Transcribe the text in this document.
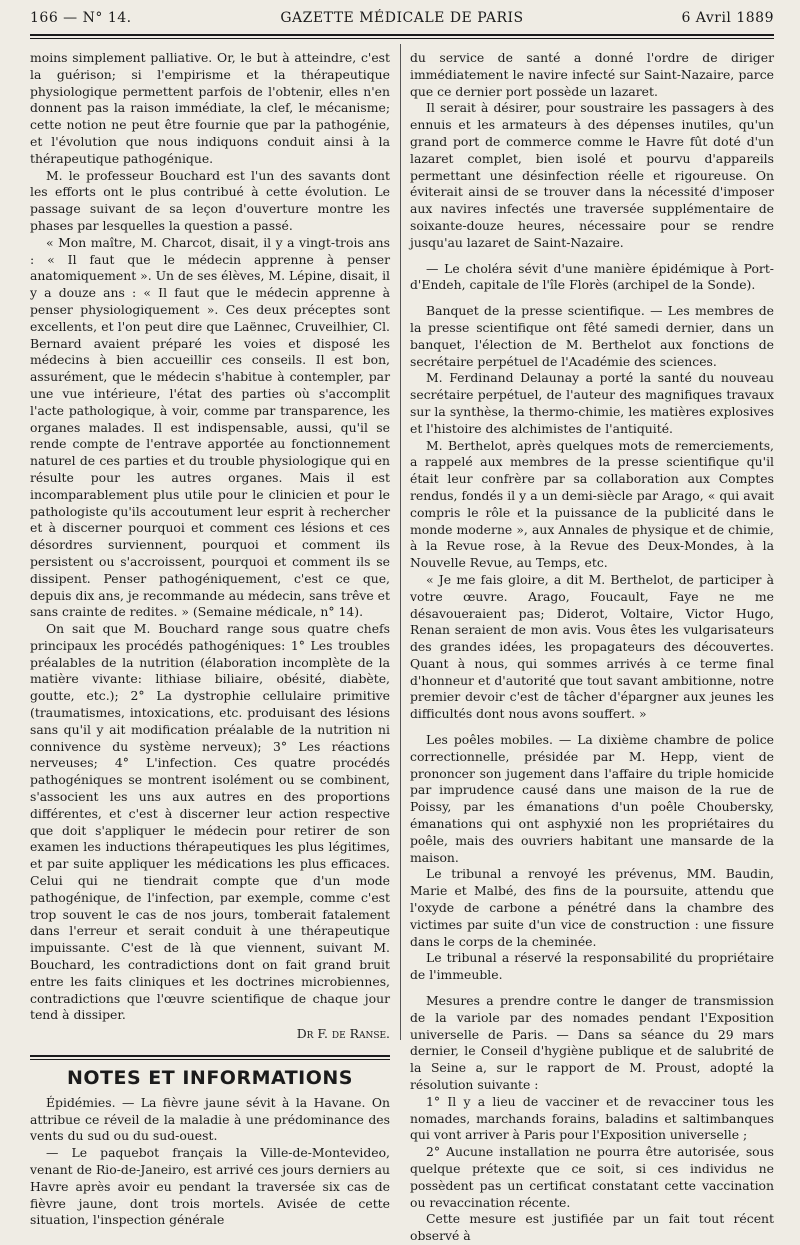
166 — N° 14.	GAZETTE MÉDICALE DE PARIS	6 Avril 1889

moins simplement palliative. Or, le but à atteindre, c'est la guérison; si l'empirisme et la thérapeutique physiologique permettent parfois de l'obtenir, elles n'en donnent pas la raison immédiate, la clef, le mécanisme; cette notion ne peut être fournie que par la pathogénie, et l'évolution que nous indiquons conduit ainsi à la thérapeutique pathogénique.

M. le professeur Bouchard est l'un des savants dont les efforts ont le plus contribué à cette évolution. Le passage suivant de sa leçon d'ouverture montre les phases par lesquelles la question a passé.

« Mon maître, M. Charcot, disait, il y a vingt-trois ans : « Il faut que le médecin apprenne à penser anatomiquement ». Un de ses élèves, M. Lépine, disait, il y a douze ans : « Il faut que le médecin apprenne à penser physiologiquement ». Ces deux préceptes sont excellents, et l'on peut dire que Laënnec, Cruveilhier, Cl. Bernard avaient préparé les voies et disposé les médecins à bien accueillir ces conseils. Il est bon, assurément, que le médecin s'habitue à contempler, par une vue intérieure, l'état des parties où s'accomplit l'acte pathologique, à voir, comme par transparence, les organes malades. Il est indispensable, aussi, qu'il se rende compte de l'entrave apportée au fonctionnement naturel de ces parties et du trouble physiologique qui en résulte pour les autres organes. Mais il est incomparablement plus utile pour le clinicien et pour le pathologiste qu'ils accoutument leur esprit à rechercher et à discerner pourquoi et comment ces lésions et ces désordres surviennent, pourquoi et comment ils persistent ou s'accroissent, pourquoi et comment ils se dissipent. Penser pathogéniquement, c'est ce que, depuis dix ans, je recommande au médecin, sans trêve et sans crainte de redites. » (Semaine médicale, n° 14).

On sait que M. Bouchard range sous quatre chefs principaux les procédés pathogéniques: 1° Les troubles préalables de la nutrition (élaboration incomplète de la matière vivante: lithiase biliaire, obésité, diabète, goutte, etc.); 2° La dystrophie cellulaire primitive (traumatismes, intoxications, etc. produisant des lésions sans qu'il y ait modification préalable de la nutrition ni connivence du système nerveux); 3° Les réactions nerveuses; 4° L'infection. Ces quatre procédés pathogéniques se montrent isolément ou se combinent, s'associent les uns aux autres en des proportions différentes, et c'est à discerner leur action respective que doit s'appliquer le médecin pour retirer de son examen les inductions thérapeutiques les plus légitimes, et par suite appliquer les médications les plus efficaces. Celui qui ne tiendrait compte que d'un mode pathogénique, de l'infection, par exemple, comme c'est trop souvent le cas de nos jours, tomberait fatalement dans l'erreur et serait conduit à une thérapeutique impuissante. C'est de là que viennent, suivant M. Bouchard, les contradictions dont on fait grand bruit entre les faits cliniques et les doctrines microbiennes, contradictions que l'œuvre scientifique de chaque jour tend à dissiper.

Dr F. de Ranse.
NOTES ET INFORMATIONS

Épidémies. — La fièvre jaune sévit à la Havane. On attribue ce réveil de la maladie à une prédominance des vents du sud ou du sud-ouest.

— Le paquebot français la Ville-de-Montevideo, venant de Rio-de-Janeiro, est arrivé ces jours derniers au Havre après avoir eu pendant la traversée six cas de fièvre jaune, dont trois mortels. Avisée de cette situation, l'inspection générale

du service de santé a donné l'ordre de diriger immédiatement le navire infecté sur Saint-Nazaire, parce que ce dernier port possède un lazaret.

Il serait à désirer, pour soustraire les passagers à des ennuis et les armateurs à des dépenses inutiles, qu'un grand port de commerce comme le Havre fût doté d'un lazaret complet, bien isolé et pourvu d'appareils permettant une désinfection réelle et rigoureuse. On éviterait ainsi de se trouver dans la nécessité d'imposer aux navires infectés une traversée supplémentaire de soixante-douze heures, nécessaire pour se rendre jusqu'au lazaret de Saint-Nazaire.

— Le choléra sévit d'une manière épidémique à Port-d'Endeh, capitale de l'île Florès (archipel de la Sonde).

Banquet de la presse scientifique. — Les membres de la presse scientifique ont fêté samedi dernier, dans un banquet, l'élection de M. Berthelot aux fonctions de secrétaire perpétuel de l'Académie des sciences.

M. Ferdinand Delaunay a porté la santé du nouveau secrétaire perpétuel, de l'auteur des magnifiques travaux sur la synthèse, la thermo-chimie, les matières explosives et l'histoire des alchimistes de l'antiquité.

M. Berthelot, après quelques mots de remerciements, a rappelé aux membres de la presse scientifique qu'il était leur confrère par sa collaboration aux Comptes rendus, fondés il y a un demi-siècle par Arago, « qui avait compris le rôle et la puissance de la publicité dans le monde moderne », aux Annales de physique et de chimie, à la Revue rose, à la Revue des Deux-Mondes, à la Nouvelle Revue, au Temps, etc.

« Je me fais gloire, a dit M. Berthelot, de participer à votre œuvre. Arago, Foucault, Faye ne me désavoueraient pas; Diderot, Voltaire, Victor Hugo, Renan seraient de mon avis. Vous êtes les vulgarisateurs des grandes idées, les propagateurs des découvertes. Quant à nous, qui sommes arrivés à ce terme final d'honneur et d'autorité que tout savant ambitionne, notre premier devoir c'est de tâcher d'épargner aux jeunes les difficultés dont nous avons souffert. »

Les poêles mobiles. — La dixième chambre de police correctionnelle, présidée par M. Hepp, vient de prononcer son jugement dans l'affaire du triple homicide par imprudence causé dans une maison de la rue de Poissy, par les émanations d'un poêle Choubersky, émanations qui ont asphyxié non les propriétaires du poêle, mais des ouvriers habitant une mansarde de la maison.

Le tribunal a renvoyé les prévenus, MM. Baudin, Marie et Malbé, des fins de la poursuite, attendu que l'oxyde de carbone a pénétré dans la chambre des victimes par suite d'un vice de construction : une fissure dans le corps de la cheminée.

Le tribunal a réservé la responsabilité du propriétaire de l'immeuble.

Mesures a prendre contre le danger de transmission de la variole par des nomades pendant l'Exposition universelle de Paris. — Dans sa séance du 29 mars dernier, le Conseil d'hygiène publique et de salubrité de la Seine a, sur le rapport de M. Proust, adopté la résolution suivante :

1° Il y a lieu de vacciner et de revacciner tous les nomades, marchands forains, baladins et saltimbanques qui vont arriver à Paris pour l'Exposition universelle ;

2° Aucune installation ne pourra être autorisée, sous quelque prétexte que ce soit, si ces individus ne possèdent pas un certificat constatant cette vaccination ou revaccination récente.

Cette mesure est justifiée par un fait tout récent observé à
